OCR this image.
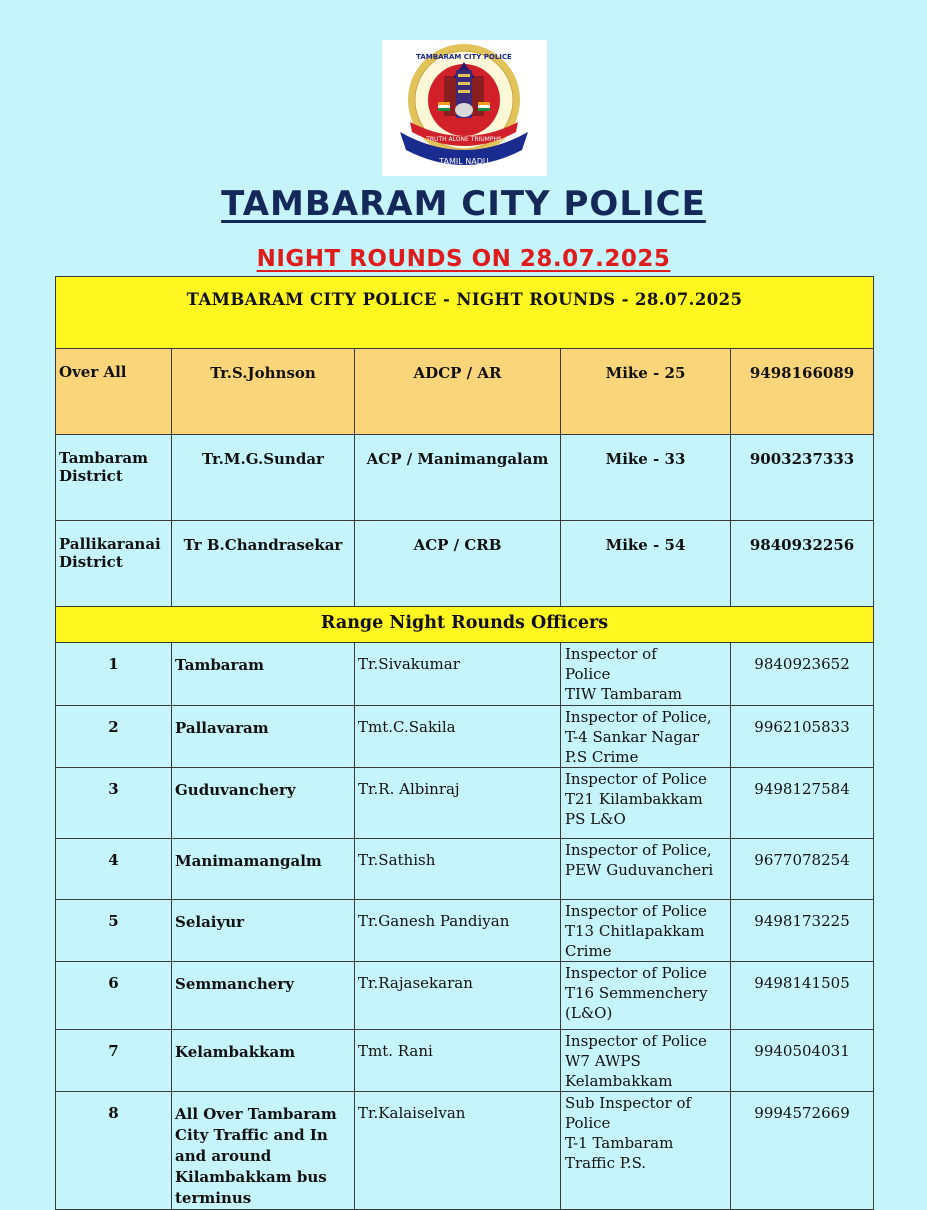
TAMIL NADU
TRUTH ALONE TRIUMPHS
TAMBARAM CITY POLICE
TAMBARAM CITY POLICE
NIGHT ROUNDS ON 28.07.2025
TAMBARAM CITY POLICE - NIGHT ROUNDS - 28.07.2025				

Over All	Tr.S.Johnson	ADCP / AR	Mike - 25	9498166089
Tambaram District	Tr.M.G.Sundar	ACP / Manimangalam	Mike - 33	9003237333
Pallikaranai District	Tr B.Chandrasekar	ACP / CRB	Mike - 54	9840932256

Range Night Rounds Officers				

1	Tambaram	Tr.Sivakumar	Inspector of
Police
TIW Tambaram	9840923652
2	Pallavaram	Tmt.C.Sakila	Inspector of Police,
T-4 Sankar Nagar
P.S Crime	9962105833
3	Guduvanchery	Tr.R. Albinraj	Inspector of Police
T21 Kilambakkam
PS L&O	9498127584
4	Manimamangalm	Tr.Sathish	Inspector of Police,
PEW Guduvancheri	9677078254
5	Selaiyur	Tr.Ganesh Pandiyan	Inspector of Police
T13 Chitlapakkam
Crime	9498173225
6	Semmanchery	Tr.Rajasekaran	Inspector of Police
T16 Semmenchery
(L&O)	9498141505
7	Kelambakkam	Tmt. Rani	Inspector of Police
W7 AWPS
Kelambakkam	9940504031
8	All Over Tambaram City Traffic and In and around Kilambakkam bus terminus	Tr.Kalaiselvan	Sub Inspector of
Police
T-1 Tambaram
Traffic P.S.	9994572669
